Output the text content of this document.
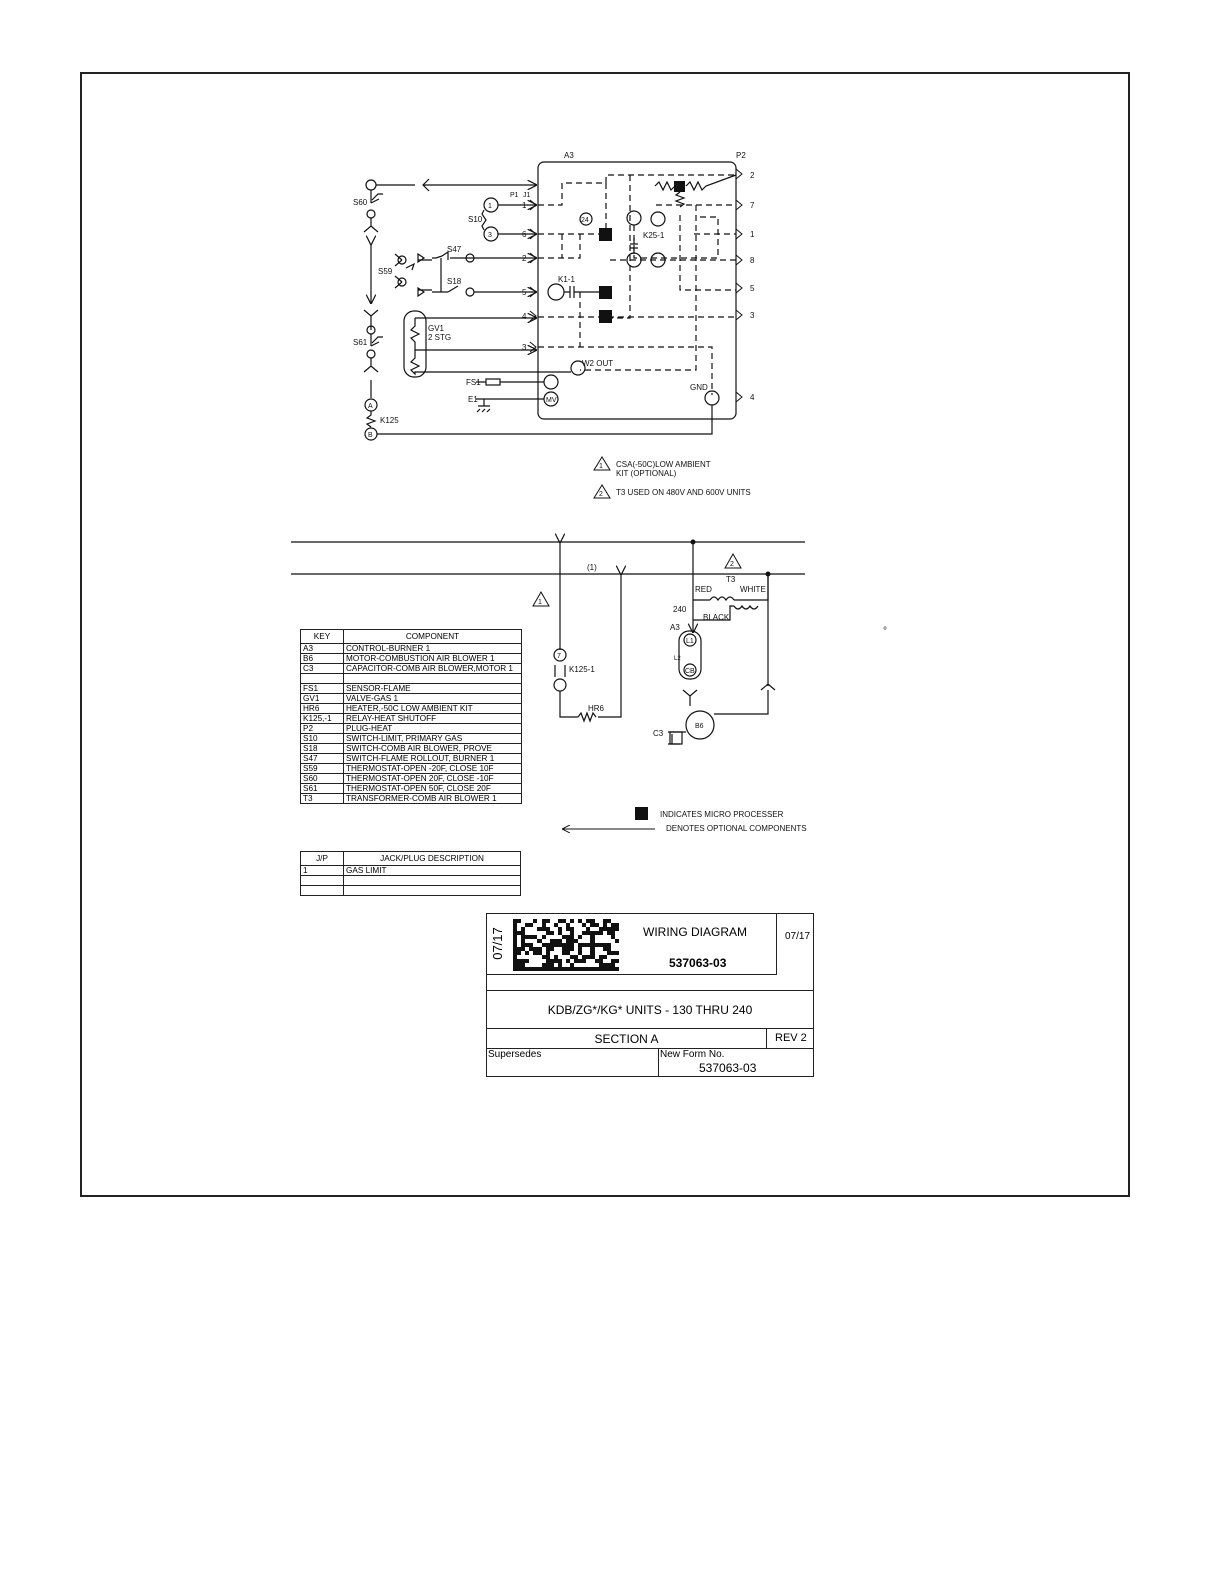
A3	P2
P1 J1
2
7
1
8
5
3
4
1
6
2
5
4
3
24
K25-1
K1-1
W2 OUT
MV
GND
S60
S10
1
3
S47
S59
S18
S61
GV1
2 STG
FS1
E1
K125
A
B
1 CSA(-50C)LOW AMBIENT
KIT (OPTIONAL)
2 T3 USED ON 480V AND 600V UNITS
(1)
T3
RED	WHITE
240
BLACK
A3
L1
L2
CB
K125-1
7
HR6
C3
B6
1
2
°
INDICATES MICRO PROCESSER
DENOTES OPTIONAL COMPONENTS
KEY	COMPONENT
A3	CONTROL-BURNER 1
B6	MOTOR-COMBUSTION AIR BLOWER 1
C3	CAPACITOR-COMB AIR BLOWER,MOTOR 1

FS1	SENSOR-FLAME
GV1	VALVE-GAS 1
HR6	HEATER,-50C LOW AMBIENT KIT
K125,-1	RELAY-HEAT SHUTOFF
P2	PLUG-HEAT
S10	SWITCH-LIMIT, PRIMARY GAS
S18	SWITCH-COMB AIR BLOWER, PROVE
S47	SWITCH-FLAME ROLLOUT, BURNER 1
S59	THERMOSTAT-OPEN -20F, CLOSE 10F
S60	THERMOSTAT-OPEN 20F, CLOSE -10F
S61	THERMOSTAT-OPEN 50F, CLOSE 20F
T3	TRANSFORMER-COMB AIR BLOWER 1
J/P	JACK/PLUG DESCRIPTION
1	GAS LIMIT

07/17	WIRING DIAGRAM
537063-03
07/17
KDB/ZG*/KG* UNITS - 130 THRU 240
SECTION A	REV 2
Supersedes	New Form No.
537063-03
